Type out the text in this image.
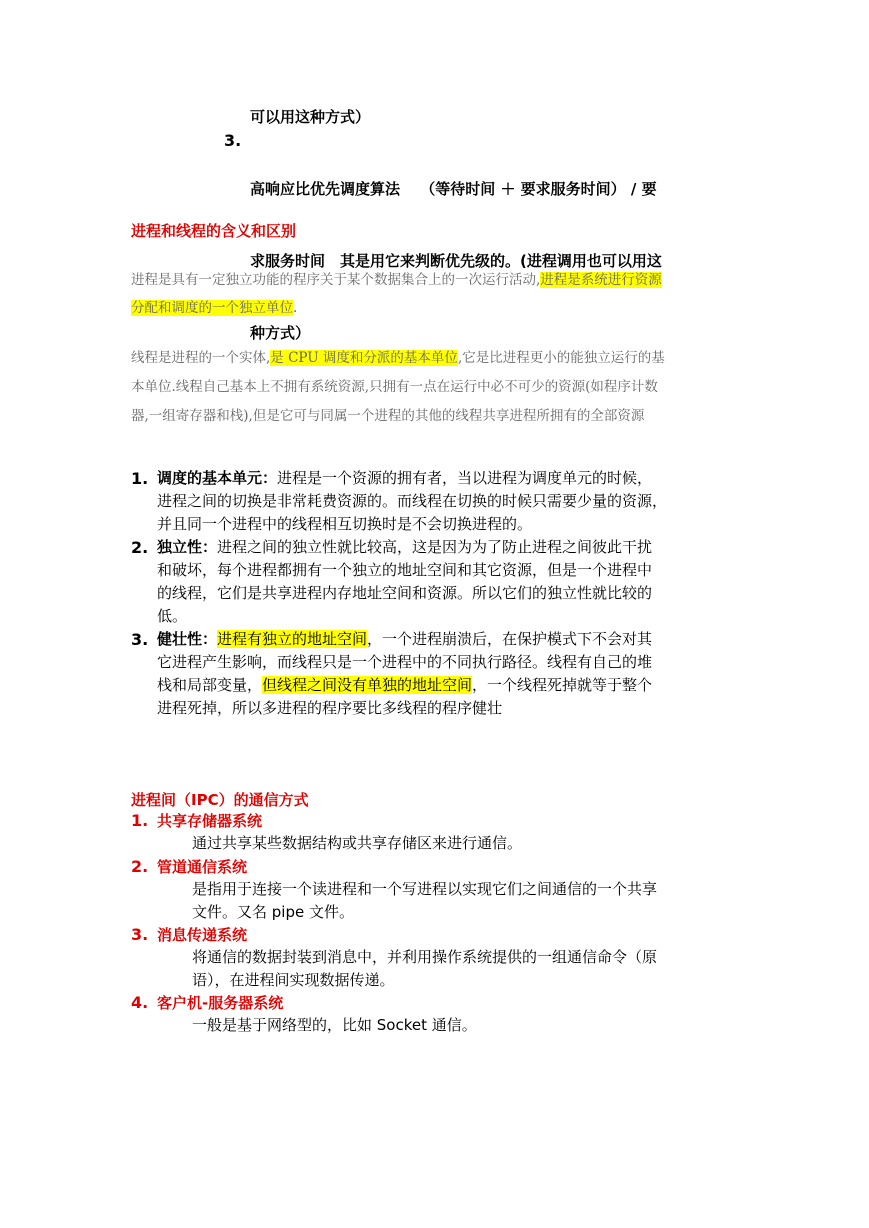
可以用这种方式）
3.

高响应比优先调度算法　 （等待时间 ＋ 要求服务时间） / 要

求服务时间　其是用它来判断优先级的。(进程调用也可以用这

种方式）

进程和线程的含义和区别
进程是具有一定独立功能的程序关于某个数据集合上的一次运行活动,进程是系统进行资源
分配和调度的一个独立单位.
线程是进程的一个实体,是 CPU 调度和分派的基本单位,它是比进程更小的能独立运行的基
本单位.线程自己基本上不拥有系统资源,只拥有一点在运行中必不可少的资源(如程序计数
器,一组寄存器和栈),但是它可与同属一个进程的其他的线程共享进程所拥有的全部资源
1. 调度的基本单元：进程是一个资源的拥有者，当以进程为调度单元的时候，
进程之间的切换是非常耗费资源的。而线程在切换的时候只需要少量的资源，
并且同一个进程中的线程相互切换时是不会切换进程的。
2. 独立性：进程之间的独立性就比较高，这是因为为了防止进程之间彼此干扰
和破坏，每个进程都拥有一个独立的地址空间和其它资源，但是一个进程中
的线程，它们是共享进程内存地址空间和资源。所以它们的独立性就比较的
低。
3. 健壮性：进程有独立的地址空间，一个进程崩溃后，在保护模式下不会对其
它进程产生影响，而线程只是一个进程中的不同执行路径。线程有自己的堆
栈和局部变量，但线程之间没有单独的地址空间，一个线程死掉就等于整个
进程死掉，所以多进程的程序要比多线程的程序健壮
进程间（IPC）的通信方式
1. 共享存储器系统
通过共享某些数据结构或共享存储区来进行通信。
2. 管道通信系统
是指用于连接一个读进程和一个写进程以实现它们之间通信的一个共享
文件。又名 pipe 文件。
3. 消息传递系统
将通信的数据封装到消息中，并利用操作系统提供的一组通信命令（原
语），在进程间实现数据传递。
4. 客户机-服务器系统
一般是基于网络型的，比如 Socket 通信。
